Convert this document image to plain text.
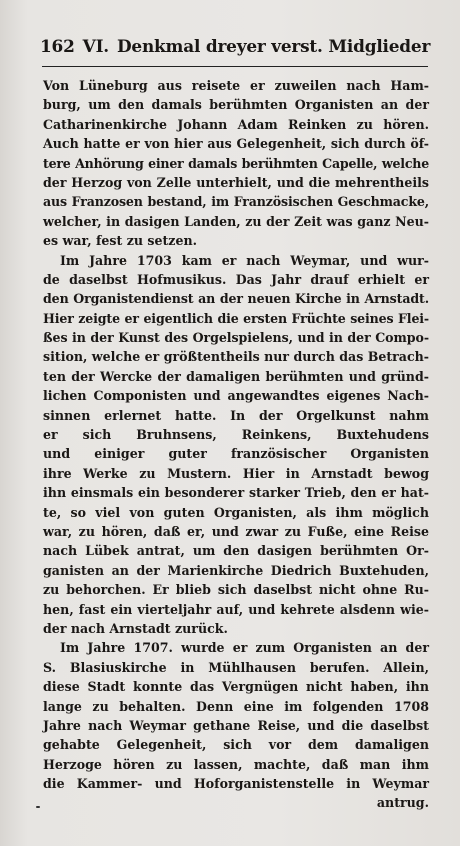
162 VI. Denkmal dreyer verst. Midglieder
Von Lüneburg aus reisete er zuweilen nach Ham-
burg, um den damals berühmten Organisten an der
Catharinenkirche Johann Adam Reinken zu hören.
Auch hatte er von hier aus Gelegenheit, sich durch öf-
tere Anhörung einer damals berühmten Capelle, welche
der Herzog von Zelle unterhielt, und die mehrentheils
aus Franzosen bestand, im Französischen Geschmacke,
welcher, in dasigen Landen, zu der Zeit was ganz Neu-
es war, fest zu setzen.
Im Jahre 1703 kam er nach Weymar, und wur-
de daselbst Hofmusikus. Das Jahr drauf erhielt er
den Organistendienst an der neuen Kirche in Arnstadt.
Hier zeigte er eigentlich die ersten Früchte seines Flei-
ßes in der Kunst des Orgelspielens, und in der Compo-
sition, welche er größtentheils nur durch das Betrach-
ten der Wercke der damaligen berühmten und gründ-
lichen Componisten und angewandtes eigenes Nach-
sinnen erlernet hatte. In der Orgelkunst nahm
er sich Bruhnsens, Reinkens, Buxtehudens
und einiger guter französischer Organisten
ihre Werke zu Mustern. Hier in Arnstadt bewog
ihn einsmals ein besonderer starker Trieb, den er hat-
te, so viel von guten Organisten, als ihm möglich
war, zu hören, daß er, und zwar zu Fuße, eine Reise
nach Lübek antrat, um den dasigen berühmten Or-
ganisten an der Marienkirche Diedrich Buxtehuden,
zu behorchen. Er blieb sich daselbst nicht ohne Ru-
hen, fast ein vierteljahr auf, und kehrete alsdenn wie-
der nach Arnstadt zurück.
Im Jahre 1707. wurde er zum Organisten an der
S. Blasiuskirche in Mühlhausen berufen. Allein,
diese Stadt konnte das Vergnügen nicht haben, ihn
lange zu behalten. Denn eine im folgenden 1708
Jahre nach Weymar gethane Reise, und die daselbst
gehabte Gelegenheit, sich vor dem damaligen
Herzoge hören zu lassen, machte, daß man ihm
die Kammer- und Hoforganistenstelle in Weymar
antrug.
